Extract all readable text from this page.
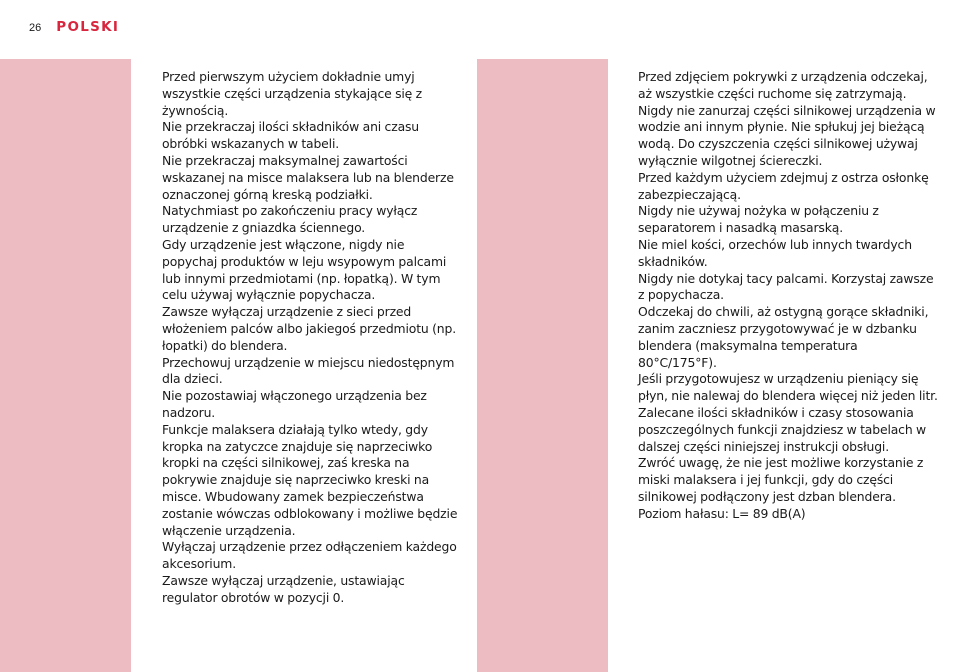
26 POLSKI

Przed pierwszym użyciem dokładnie umyj wszystkie części urządzenia stykające się z żywnością.

Nie przekraczaj ilości składników ani czasu obróbki wskazanych w tabeli.

Nie przekraczaj maksymalnej zawartości wskazanej na misce malaksera lub na blenderze oznaczonej górną kreską podziałki.

Natychmiast po zakończeniu pracy wyłącz urządzenie z gniazdka ściennego.

Gdy urządzenie jest włączone, nigdy nie popychaj produktów w leju wsypowym palcami lub innymi przedmiotami (np. łopatką). W tym celu używaj wyłącznie popychacza.

Zawsze wyłączaj urządzenie z sieci przed włożeniem palców albo jakiegoś przedmiotu (np. łopatki) do blendera.

Przechowuj urządzenie w miejscu niedostępnym dla dzieci.

Nie pozostawiaj włączonego urządzenia bez nadzoru.

Funkcje malaksera działają tylko wtedy, gdy kropka na zatyczce znajduje się naprzeciwko kropki na części silnikowej, zaś kreska na pokrywie znajduje się naprzeciwko kreski na misce. Wbudowany zamek bezpieczeństwa zostanie wówczas odblokowany i możliwe będzie włączenie urządzenia.

Wyłączaj urządzenie przez odłączeniem każdego akcesorium.

Zawsze wyłączaj urządzenie, ustawiając regulator obrotów w pozycji 0.

Przed zdjęciem pokrywki z urządzenia odczekaj, aż wszystkie części ruchome się zatrzymają.

Nigdy nie zanurzaj części silnikowej urządzenia w wodzie ani innym płynie. Nie spłukuj jej bieżącą wodą. Do czyszczenia części silnikowej używaj wyłącznie wilgotnej ściereczki.

Przed każdym użyciem zdejmuj z ostrza osłonkę zabezpieczającą.

Nigdy nie używaj nożyka w połączeniu z separatorem i nasadką masarską.

Nie miel kości, orzechów lub innych twardych składników.

Nigdy nie dotykaj tacy palcami. Korzystaj zawsze z popychacza.

Odczekaj do chwili, aż ostygną gorące składniki, zanim zaczniesz przygotowywać je w dzbanku blendera (maksymalna temperatura 80°C/175°F).

Jeśli przygotowujesz w urządzeniu pieniący się płyn, nie nalewaj do blendera więcej niż jeden litr.

Zalecane ilości składników i czasy stosowania poszczególnych funkcji znajdziesz w tabelach w dalszej części niniejszej instrukcji obsługi.

Zwróć uwagę, że nie jest możliwe korzystanie z miski malaksera i jej funkcji, gdy do części silnikowej podłączony jest dzban blendera.

Poziom hałasu: L= 89 dB(A)
